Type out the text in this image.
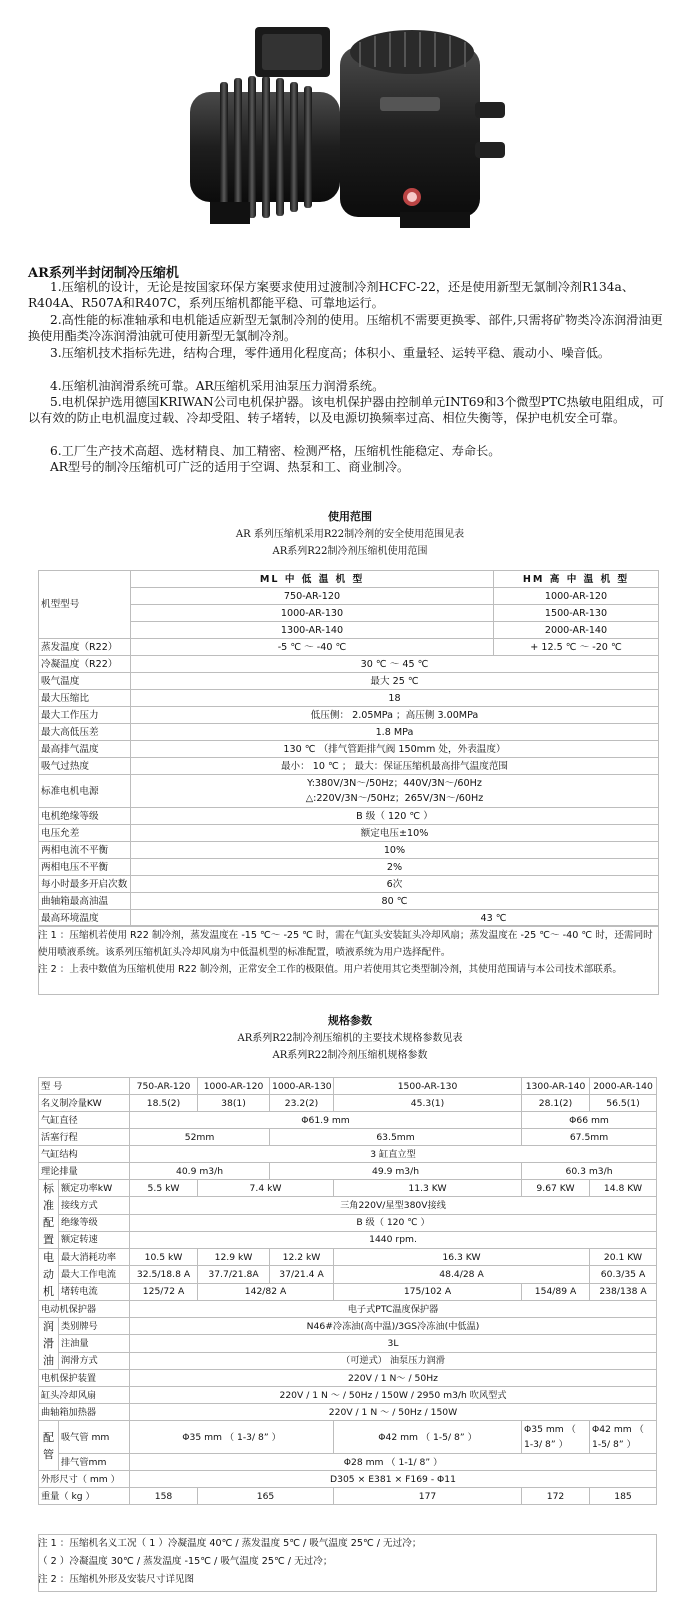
AR系列半封闭制冷压缩机
1.压缩机的设计，无论是按国家环保方案要求使用过渡制冷剂HCFC-22，还是使用新型无氯制冷剂R134a、R404A、R507A和R407C，系列压缩机都能平稳、可靠地运行。
2.高性能的标准轴承和电机能适应新型无氯制冷剂的使用。压缩机不需要更换零、部件,只需将矿物类冷冻润滑油更换使用酯类冷冻润滑油就可使用新型无氯制冷剂。
3.压缩机技术指标先进，结构合理，零件通用化程度高；体积小、重量轻、运转平稳、震动小、噪音低。
4.压缩机油润滑系统可靠。AR压缩机采用油泵压力润滑系统。
5.电机保护选用德国KRIWAN公司电机保护器。该电机保护器由控制单元INT69和3个微型PTC热敏电阻组成，可以有效的防止电机温度过载、冷却受阻、转子堵转，以及电源切换频率过高、相位失衡等，保护电机安全可靠。
6.工厂生产技术高超、选材精良、加工精密、检测严格，压缩机性能稳定、寿命长。
AR型号的制冷压缩机可广泛的适用于空调、热泵和工、商业制冷。
使用范围
AR 系列压缩机采用R22制冷剂的安全使用范围见表
AR系列R22制冷剂压缩机使用范围
机型型号	ML 中 低 温 机 型	HM 高 中 温 机 型
	750-AR-120	1000-AR-120
	1000-AR-130	1500-AR-130
	1300-AR-140	2000-AR-140
蒸发温度（R22）	-5 ℃ ～ -40 ℃	+ 12.5 ℃ ～ -20 ℃
冷凝温度（R22）	30 ℃ ～ 45 ℃	
吸气温度	最大 25 ℃	
最大压缩比	18	
最大工作压力	低压侧： 2.05MPa ；高压侧 3.00MPa	
最大高低压差	1.8 MPa	
最高排气温度	130 ℃ （排气管距排气阀 150mm 处，外表温度）	
吸气过热度	最小： 10 ℃ ； 最大：保证压缩机最高排气温度范围	
标准电机电源	Y:380V/3N～/50Hz；440V/3N～/60Hz
△:220V/3N～/50Hz；265V/3N～/60Hz	

电机绝缘等级	B 级（ 120 ℃ ）	
电压允差	额定电压±10%	
两相电流不平衡	10%	
两相电压不平衡	2%	
每小时最多开启次数	6次	
曲轴箱最高油温	80 ℃	
最高环境温度	43 ℃	
注 1 ：压缩机若使用 R22 制冷剂，蒸发温度在 -15 ℃～ -25 ℃ 时，需在气缸头安装缸头冷却风扇；蒸发温度在 -25 ℃～ -40 ℃ 时，还需同时使用喷液系统。该系列压缩机缸头冷却风扇为中低温机型的标准配置，喷液系统为用户选择配件。
注 2 ：上表中数值为压缩机使用 R22 制冷剂，正常安全工作的极限值。用户若使用其它类型制冷剂，其使用范围请与本公司技术部联系。
规格参数
AR系列R22制冷剂压缩机的主要技术规格参数见表
AR系列R22制冷剂压缩机规格参数
型 号		750-AR-120	1000-AR-120	1000-AR-130	1500-AR-130	1300-AR-140	2000-AR-140
名义制冷量KW		18.5(2)	38(1)	23.2(2)	45.3(1)	28.1(2)	56.5(1)
气缸直径		Φ61.9 mm				Φ66 mm	
活塞行程		52mm		63.5mm		67.5mm	
气缸结构		3 缸直立型					
理论排量		40.9 m3/h		49.9 m3/h		60.3 m3/h	
标准配置	额定功率kW	5.5 kW	7.4 kW		11.3 KW	9.67 KW	14.8 KW
	接线方式	三角220V/星型380V接线					
	绝缘等级	B 级（ 120 ℃ ）					
	额定转速	1440 rpm.					
电动机	最大消耗功率	10.5 kW	12.9 kW	12.2 kW	16.3 KW		20.1 KW
	最大工作电流	32.5/18.8 A	37.7/21.8A	37/21.4 A	48.4/28 A		60.3/35 A
	堵转电流	125/72 A	142/82 A		175/102 A	154/89 A	238/138 A
电动机保护器		电子式PTC温度保护器					
润滑油	类别牌号	N46#冷冻油(高中温)/3GS冷冻油(中低温)					
	注油量	3L					
	润滑方式	（可逆式） 油泵压力润滑					
电机保护装置		220V / 1 N～ / 50Hz					
缸头冷却风扇		220V / 1 N ～ / 50Hz / 150W / 2950 m3/h 吹风型式					
曲轴箱加热器		220V / 1 N ～ / 50Hz / 150W					
配管	吸气管 mm	Φ35 mm （ 1-3/ 8” ）			Φ42 mm （ 1-5/ 8” ）	Φ35 mm （ 1-3/ 8” ）	Φ42 mm （ 1-5/ 8” ）
	排气管mm	Φ28 mm （ 1-1/ 8” ）					
外形尺寸（ mm ）		D305 × E381 × F169 - Φ11					
重量（ kg ）		158	165		177	172	185
注 1 ：压缩机名义工况（ 1 ）冷凝温度 40℃ / 蒸发温度 5℃ / 吸气温度 25℃ / 无过冷；
（ 2 ）冷凝温度 30℃ / 蒸发温度 -15℃ / 吸气温度 25℃ / 无过冷；
注 2 ：压缩机外形及安装尺寸详见图
